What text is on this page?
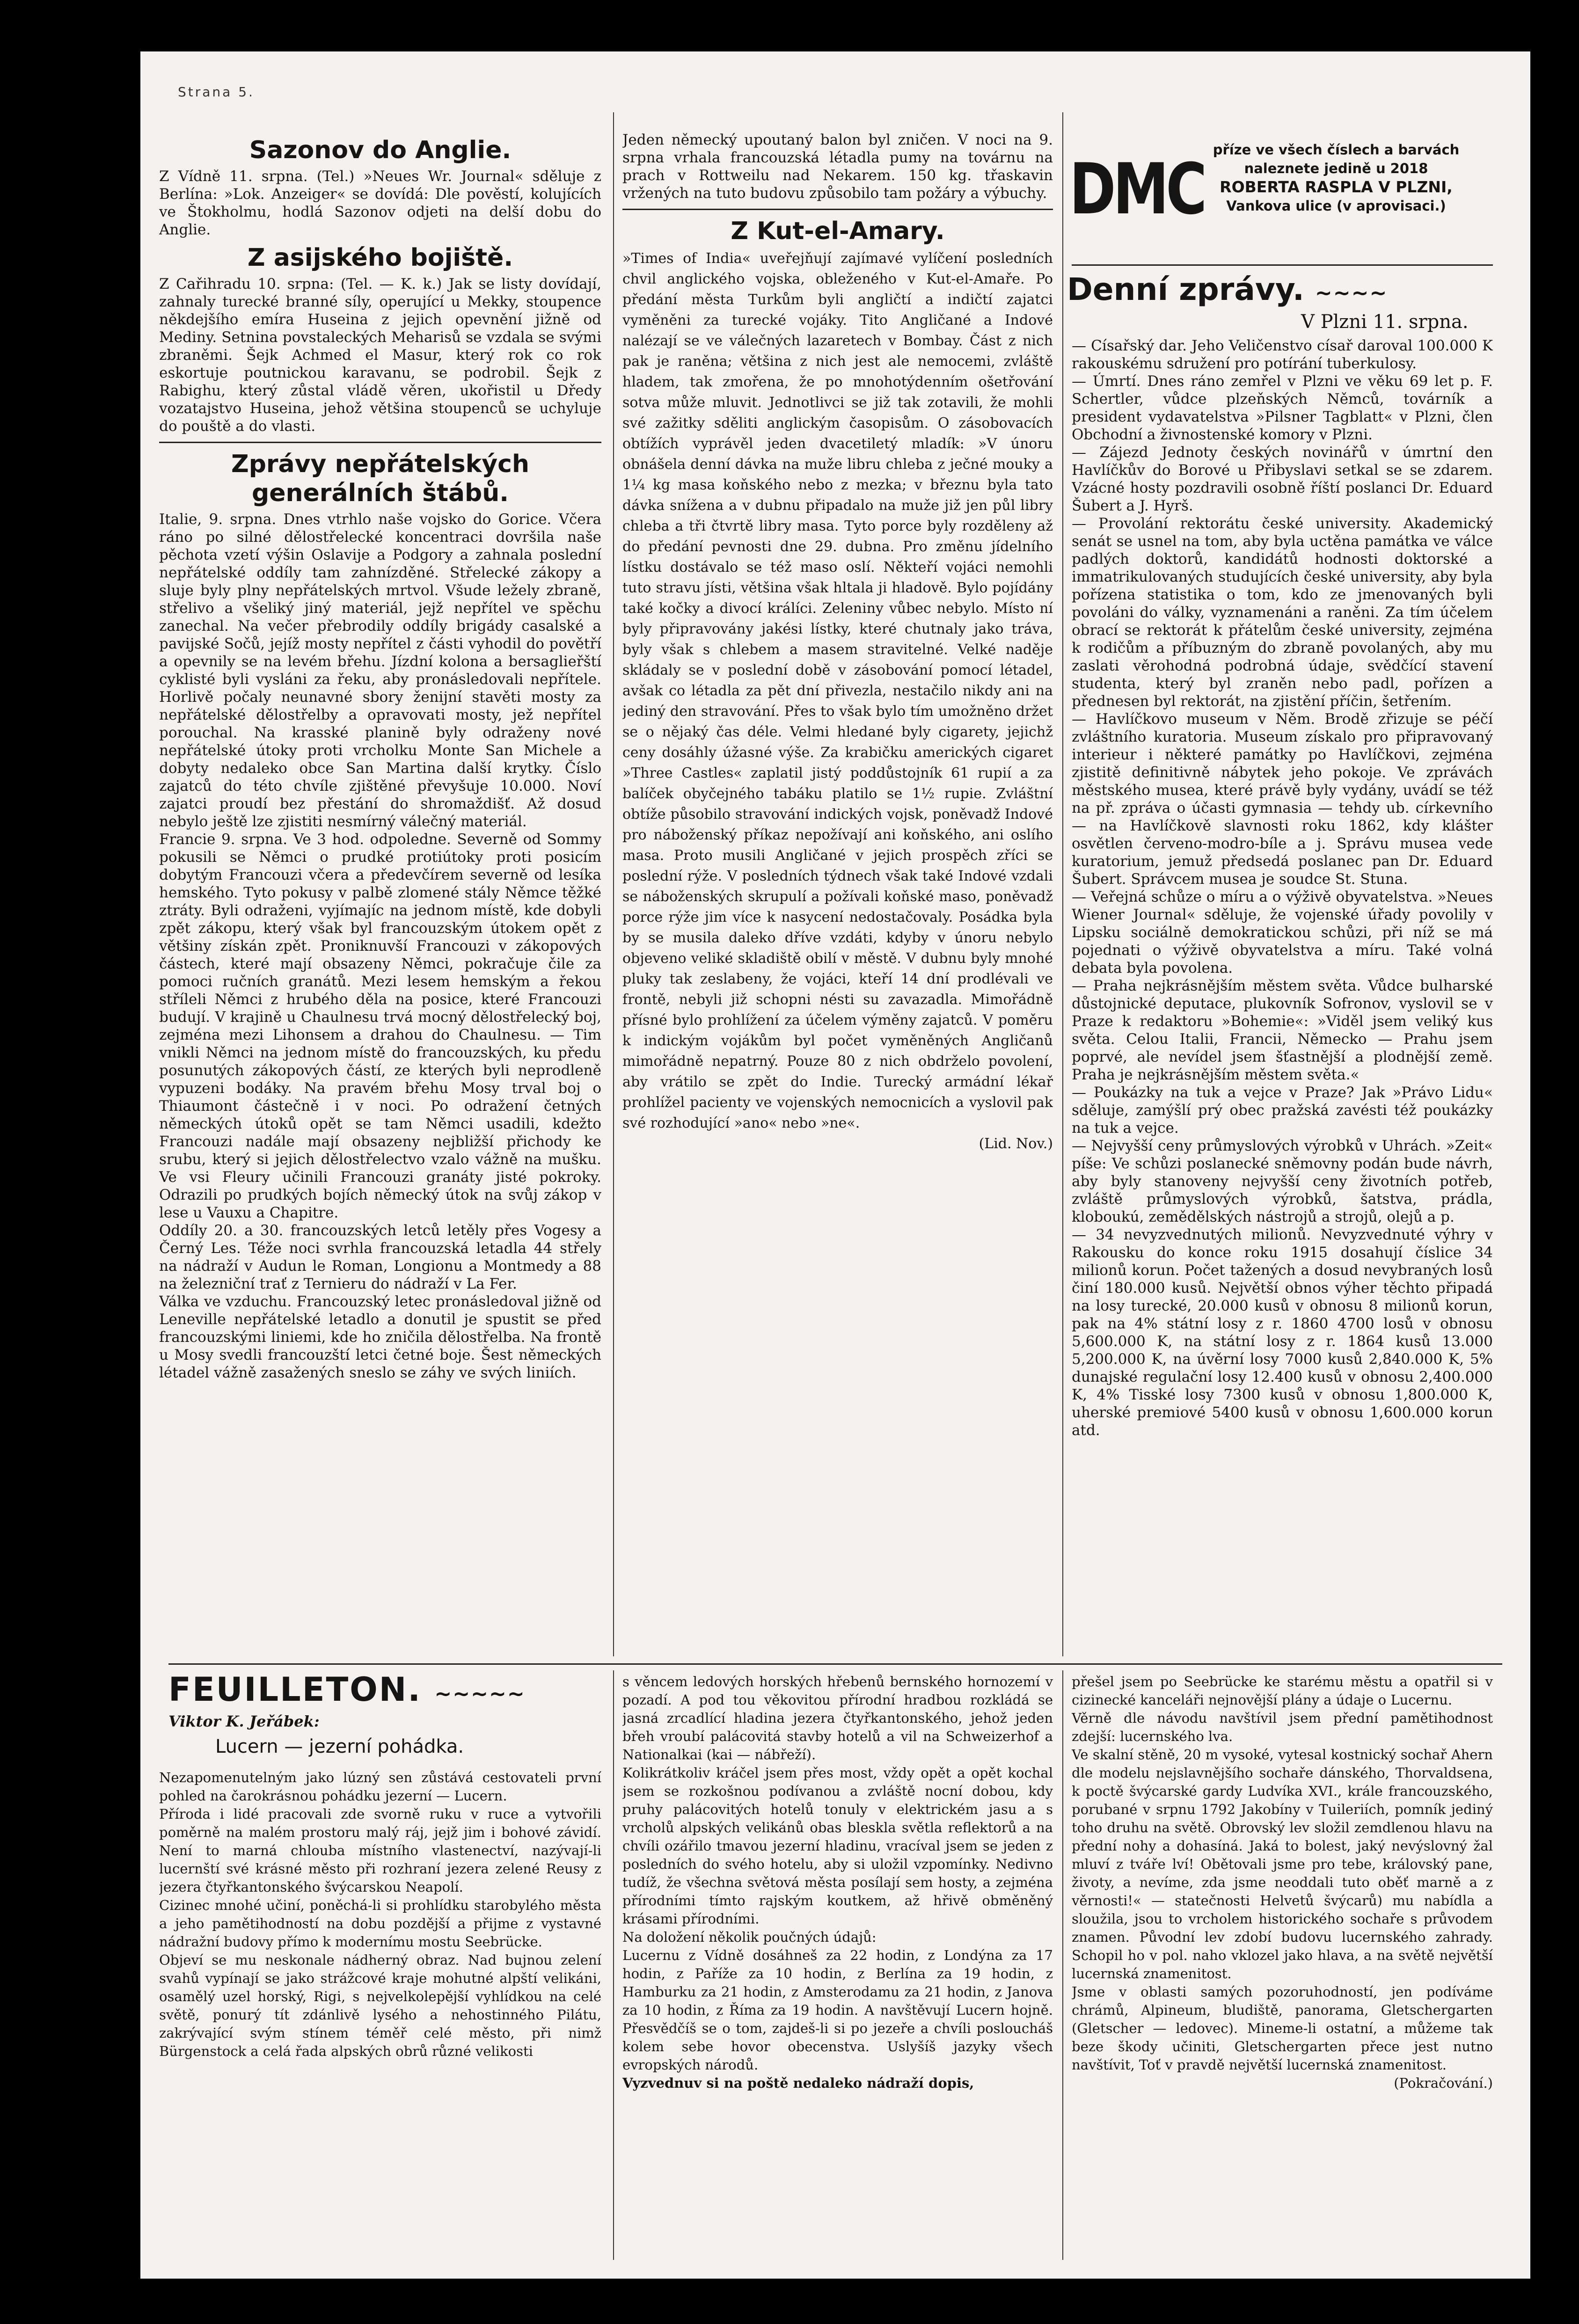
Strana 5.
Sazonov do Anglie.

Z Vídně 11. srpna. (Tel.) »Neues Wr. Journal« sděluje z Berlína: »Lok. Anzeiger« se dovídá: Dle pověstí, kolujících ve Štokholmu, hodlá Sazonov odjeti na delší dobu do Anglie.

Z asijského bojiště.

Z Cařihradu 10. srpna: (Tel. — K. k.) Jak se listy dovídají, zahnaly turecké branné síly, operující u Mekky, stoupence někdejšího emíra Huseina z jejich opevnění jižně od Mediny. Setnina povstaleckých Meharisů se vzdala se svými zbraněmi. Šejk Achmed el Masur, který rok co rok eskortuje poutnickou karavanu, se podrobil. Šejk z Rabighu, který zůstal vládě věren, ukořistil u Dředy vozatajstvo Huseina, jehož většina stoupenců se uchyluje do pouště a do vlasti.

Zprávy nepřátelských generálních štábů.

Italie, 9. srpna. Dnes vtrhlo naše vojsko do Gorice. Včera ráno po silné dělostřelecké koncentraci dovršila naše pěchota vzetí výšin Oslavije a Podgory a zahnala poslední nepřátelské oddíly tam zahnízděné. Střelecké zákopy a sluje byly plny nepřátelských mrtvol. Všude ležely zbraně, střelivo a všeliký jiný materiál, jejž nepřítel ve spěchu zanechal. Na večer přebrodily oddíly brigády casalské a pavijské Sočů, jejíž mosty nepřítel z části vyhodil do povětří a opevnily se na levém břehu. Jízdní kolona a bersaglieřští cyklisté byli vysláni za řeku, aby pronásledovali nepřítele. Horlivě počaly neunavné sbory ženijní stavěti mosty za nepřátelské dělostřelby a opravovati mosty, jež nepřítel porouchal. Na krasské planině byly odraženy nové nepřátelské útoky proti vrcholku Monte San Michele a dobyty nedaleko obce San Martina další krytky. Číslo zajatců do této chvíle zjištěné převyšuje 10.000. Noví zajatci proudí bez přestání do shromaždišť. Až dosud nebylo ještě lze zjistiti nesmírný válečný materiál.

Francie 9. srpna. Ve 3 hod. odpoledne. Severně od Sommy pokusili se Němci o prudké protiútoky proti posicím dobytým Francouzi včera a předevčírem severně od lesíka hemského. Tyto pokusy v palbě zlomené stály Němce těžké ztráty. Byli odraženi, vyjímajíc na jednom místě, kde dobyli zpět zákopu, který však byl francouzským útokem opět z většiny získán zpět. Proniknuvší Francouzi v zákopových částech, které mají obsazeny Němci, pokračuje čile za pomoci ručních granátů. Mezi lesem hemským a řekou stříleli Němci z hrubého děla na posice, které Francouzi budují. V krajině u Chaulnesu trvá mocný dělostřelecký boj, zejména mezi Lihonsem a drahou do Chaulnesu. — Tim vnikli Němci na jednom místě do francouzských, ku předu posunutých zákopových částí, ze kterých byli neprodleně vypuzeni bodáky. Na pravém břehu Mosy trval boj o Thiaumont částečně i v noci. Po odražení četných německých útoků opět se tam Němci usadili, kdežto Francouzi nadále mají obsazeny nejbližší přichody ke srubu, který si jejich dělostřelectvo vzalo vážně na mušku. Ve vsi Fleury učinili Francouzi granáty jisté pokroky. Odrazili po prudkých bojích německý útok na svůj zákop v lese u Vauxu a Chapitre.

Oddíly 20. a 30. francouzských letců letěly přes Vogesy a Černý Les. Téže noci svrhla francouzská letadla 44 střely na nádraží v Audun le Roman, Longionu a Montmedy a 88 na železniční trať z Ternieru do nádraží v La Fer.

Válka ve vzduchu. Francouzský letec pronásledoval jižně od Leneville nepřátelské letadlo a donutil je spustit se před francouzskými liniemi, kde ho zničila dělostřelba. Na frontě u Mosy svedli francouzští letci četné boje. Šest německých létadel vážně zasažených sneslo se záhy ve svých liniích.

Jeden německý upoutaný balon byl zničen. V noci na 9. srpna vrhala francouzská létadla pumy na továrnu na prach v Rottweilu nad Nekarem. 150 kg. třaskavin vržených na tuto budovu způsobilo tam požáry a výbuchy.

Z Kut-el-Amary.

»Times of India« uveřejňují zajímavé vylíčení posledních chvil anglického vojska, obleženého v Kut-el-Amaře. Po předání města Turkům byli angličtí a indičtí zajatci vyměněni za turecké vojáky. Tito Angličané a Indové nalézají se ve válečných lazaretech v Bombay. Část z nich pak je raněna; většina z nich jest ale nemocemi, zvláště hladem, tak zmořena, že po mnohotýdenním ošetřování sotva může mluvit. Jednotlivci se již tak zotavili, že mohli své zažitky sděliti anglickým časopisům. O zásobovacích obtížích vyprávěl jeden dvacetiletý mladík: »V únoru obnášela denní dávka na muže libru chleba z ječné mouky a 1¼ kg masa koňského nebo z mezka; v březnu byla tato dávka snížena a v dubnu připadalo na muže již jen půl libry chleba a tři čtvrtě libry masa. Tyto porce byly rozděleny až do předání pevnosti dne 29. dubna. Pro změnu jídelního lístku dostávalo se též maso oslí. Někteří vojáci nemohli tuto stravu jísti, většina však hltala ji hladově. Bylo pojídány také kočky a divocí králíci. Zeleniny vůbec nebylo. Místo ní byly připravovány jakési lístky, které chutnaly jako tráva, byly však s chlebem a masem stravitelné. Velké naděje skládaly se v poslední době v zásobování pomocí létadel, avšak co létadla za pět dní přivezla, nestačilo nikdy ani na jediný den stravování. Přes to však bylo tím umožněno držet se o nějaký čas déle. Velmi hledané byly cigarety, jejichž ceny dosáhly úžasné výše. Za krabičku amerických cigaret »Three Castles« zaplatil jistý poddůstojník 61 rupií a za balíček obyčejného tabáku platilo se 1½ rupie. Zvláštní obtíže působilo stravování indických vojsk, poněvadž Indové pro náboženský příkaz nepožívají ani koňského, ani oslího masa. Proto musili Angličané v jejich prospěch zříci se poslední rýže. V posledních týdnech však také Indové vzdali se náboženských skrupulí a požívali koňské maso, poněvadž porce rýže jim více k nasycení nedostačovaly. Posádka byla by se musila daleko dříve vzdáti, kdyby v únoru nebylo objeveno veliké skladiště obilí v městě. V dubnu byly mnohé pluky tak zeslabeny, že vojáci, kteří 14 dní prodlévali ve frontě, nebyli již schopni nésti su zavazadla. Mimořádně přísné bylo prohlížení za účelem výměny zajatců. V poměru k indickým vojákům byl počet vyměněných Angličanů mimořádně nepatrný. Pouze 80 z nich obdrželo povolení, aby vrátilo se zpět do Indie. Turecký armádní lékař prohlížel pacienty ve vojenských nemocnicích a vyslovil pak své rozhodující »ano« nebo »ne«.

(Lid. Nov.)

DMC příze ve všech číslech a barvách
naleznete jedině u 2018
ROBERTA RASPLA V PLZNI,
Vankova ulice (v aprovisaci.)
Denní zprávy. ~~~~
V Plzni 11. srpna.

— Císařský dar. Jeho Veličenstvo císař daroval 100.000 K rakouskému sdružení pro potírání tuberkulosy.

— Úmrtí. Dnes ráno zemřel v Plzni ve věku 69 let p. F. Schertler, vůdce plzeňských Němců, továrník a president vydavatelstva »Pilsner Tagblatt« v Plzni, člen Obchodní a živnostenské komory v Plzni.

— Zájezd Jednoty českých novinářů v úmrtní den Havlíčkův do Borové u Přibyslavi setkal se se zdarem. Vzácné hosty pozdravili osobně říští poslanci Dr. Eduard Šubert a J. Hyrš.

— Provolání rektorátu české university. Akademický senát se usnel na tom, aby byla uctěna památka ve válce padlých doktorů, kandidátů hodnosti doktorské a immatrikulovaných studujících české university, aby byla pořízena statistika o tom, kdo ze jmenovaných byli povoláni do války, vyznamenáni a raněni. Za tím účelem obrací se rektorát k přátelům české university, zejména k rodičům a příbuzným do zbraně povolaných, aby mu zaslati věrohodná podrobná údaje, svědčící stavení studenta, který byl zraněn nebo padl, pořízen a přednesen byl rektorát, na zjistění příčin, šetřením.

— Havlíčkovo museum v Něm. Brodě zřizuje se péčí zvláštního kuratoria. Museum získalo pro připravovaný interieur i některé památky po Havlíčkovi, zejména zjistitě definitivně nábytek jeho pokoje. Ve zprávách městského musea, které právě byly vydány, uvádí se též na př. zpráva o účasti gymnasia — tehdy ub. církevního — na Havlíčkově slavnosti roku 1862, kdy klášter osvětlen červeno-modro-bíle a j. Správu musea vede kuratorium, jemuž předsedá poslanec pan Dr. Eduard Šubert. Správcem musea je soudce St. Stuna.

— Veřejná schůze o míru a o výživě obyvatelstva. »Neues Wiener Journal« sděluje, že vojenské úřady povolily v Lipsku sociálně demokratickou schůzi, při níž se má pojednati o výživě obyvatelstva a míru. Také volná debata byla povolena.

— Praha nejkrásnějším městem světa. Vůdce bulharské důstojnické deputace, plukovník Sofronov, vyslovil se v Praze k redaktoru »Bohemie«: »Viděl jsem veliký kus světa. Celou Italii, Francii, Německo — Prahu jsem poprvé, ale nevídel jsem šťastnější a plodnější země. Praha je nejkrásnějším městem světa.«

— Poukázky na tuk a vejce v Praze? Jak »Právo Lidu« sděluje, zamýšlí prý obec pražská zavésti též poukázky na tuk a vejce.

— Nejvyšší ceny průmyslových výrobků v Uhrách. »Zeit« píše: Ve schůzi poslanecké sněmovny podán bude návrh, aby byly stanoveny nejvyšší ceny životních potřeb, zvláště průmyslových výrobků, šatstva, prádla, kloboukú, zemědělských nástrojů a strojů, olejů a p.

— 34 nevyzvednutých milionů. Nevyzvednuté výhry v Rakousku do konce roku 1915 dosahují číslice 34 milionů korun. Počet tažených a dosud nevybraných losů činí 180.000 kusů. Největší obnos výher těchto připadá na losy turecké, 20.000 kusů v obnosu 8 milionů korun, pak na 4% státní losy z r. 1860 4700 losů v obnosu 5,600.000 K, na státní losy z r. 1864 kusů 13.000 5,200.000 K, na úvěrní losy 7000 kusů 2,840.000 K, 5% dunajské regulační losy 12.400 kusů v obnosu 2,400.000 K, 4% Tisské losy 7300 kusů v obnosu 1,800.000 K, uherské premiové 5400 kusů v obnosu 1,600.000 korun atd.

FEUILLETON. ~~~~~
Viktor K. Jeřábek:
Lucern — jezerní pohádka.

Nezapomenutelným jako lúzný sen zůstává cestovateli první pohled na čarokrásnou pohádku jezerní — Lucern.

Příroda i lidé pracovali zde svorně ruku v ruce a vytvořili poměrně na malém prostoru malý ráj, jejž jim i bohové závidí. Není to marná chlouba místního vlastenectví, nazývají-li lucernští své krásné město při rozhraní jezera zelené Reusy z jezera čtyřkantonského švýcarskou Neapolí.

Cizinec mnohé učiní, poněchá-li si prohlídku starobylého města a jeho pamětihodností na dobu pozdější a přijme z vystavné nádražní budovy přímo k modernímu mostu Seebrücke.

Objeví se mu neskonale nádherný obraz. Nad bujnou zelení svahů vypínají se jako strážcové kraje mohutné alpští velikáni, osamělý uzel horský, Rigi, s nejvelkolepější vyhlídkou na celé světě, ponurý tít zdánlivě lysého a nehostinného Pilátu, zakrývající svým stínem téměř celé město, při nimž Bürgenstock a celá řada alpských obrů různé velikosti

s věncem ledových horských hřebenů bernského hornozemí v pozadí. A pod tou věkovitou přírodní hradbou rozkládá se jasná zrcadlící hladina jezera čtyřkantonského, jehož jeden břeh vroubí palácovitá stavby hotelů a vil na Schweizerhof a Nationalkai (kai — nábřeží).

Kolikrátkoliv kráčel jsem přes most, vždy opět a opět kochal jsem se rozkošnou podívanou a zvláště nocní dobou, kdy pruhy palácovitých hotelů tonuly v elektrickém jasu a s vrcholů alpských velikánů obas bleskla světla reflektorů a na chvíli ozářilo tmavou jezerní hladinu, vracíval jsem se jeden z posledních do svého hotelu, aby si uložil vzpomínky. Nedivno tudíž, že všechna světová města posílají sem hosty, a zejména přírodními tímto rajským koutkem, až hřivě obměněný krásami přírodními.

Na doložení několik poučných údajů:

Lucernu z Vídně dosáhneš za 22 hodin, z Londýna za 17 hodin, z Paříže za 10 hodin, z Berlína za 19 hodin, z Hamburku za 21 hodin, z Amsterodamu za 21 hodin, z Janova za 10 hodin, z Říma za 19 hodin. A navštěvují Lucern hojně. Přesvědčíš se o tom, zajdeš-li si po jezeře a chvíli posloucháš kolem sebe hovor obecenstva. Uslyšíš jazyky všech evropských národů.

Vyzvednuv si na poště nedaleko nádraží dopis,

přešel jsem po Seebrücke ke starému městu a opatřil si v cizinecké kanceláři nejnovější plány a údaje o Lucernu.

Věrně dle návodu navštívil jsem přední pamětihodnost zdejší: lucernského lva.

Ve skalní stěně, 20 m vysoké, vytesal kostnický sochař Ahern dle modelu nejslavnějšího sochaře dánského, Thorvaldsena, k poctě švýcarské gardy Ludvíka XVI., krále francouzského, porubané v srpnu 1792 Jakobíny v Tuileriích, pomník jediný toho druhu na světě. Obrovský lev složil zemdlenou hlavu na přední nohy a dohasíná. Jaká to bolest, jaký nevýslovný žal mluví z tváře lví! Obětovali jsme pro tebe, královský pane, životy, a nevíme, zda jsme neoddali tuto oběť marně a z věrnosti!« — statečnosti Helvetů švýcarů) mu nabídla a sloužila, jsou to vrcholem historického sochaře s průvodem znamen. Původní lev zdobí budovu lucernského zahrady. Schopil ho v pol. naho vklozel jako hlava, a na světě největší lucernská znamenitost.

Jsme v oblasti samých pozoruhodností, jen podíváme chrámů, Alpineum, bludiště, panorama, Gletschergarten (Gletscher — ledovec). Mineme-li ostatní, a můžeme tak beze škody učiniti, Gletschergarten přece jest nutno navštívit, Toť v pravdě největší lucernská znamenitost.

(Pokračování.)
